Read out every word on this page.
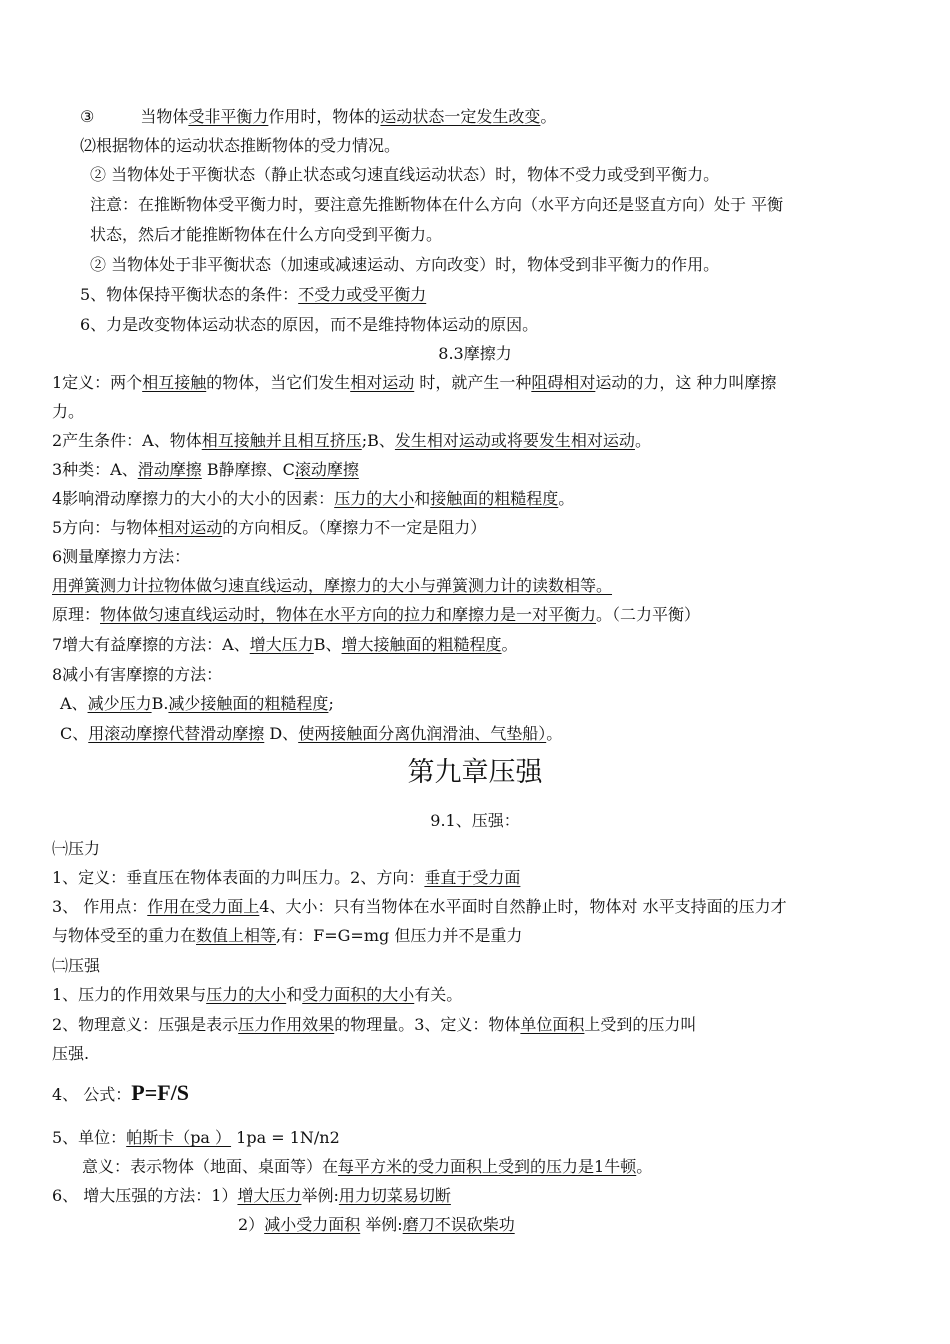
③	当物体受非平衡力作用时，物体的运动状态一定发生改变。
⑵根据物体的运动状态推断物体的受力情况。
② 当物体处于平衡状态（静止状态或匀速直线运动状态）时，物体不受力或受到平衡力。
注意：在推断物体受平衡力时，要注意先推断物体在什么方向（水平方向还是竖直方向）处于 平衡
状态，然后才能推断物体在什么方向受到平衡力。
② 当物体处于非平衡状态（加速或减速运动、方向改变）时，物体受到非平衡力的作用。
5、物体保持平衡状态的条件：不受力或受平衡力
6、力是改变物体运动状态的原因，而不是维持物体运动的原因。
8.3摩擦力
1定义：两个相互接触的物体，当它们发生相对运动 时，就产生一种阻碍相对运动的力，这 种力叫摩擦
力。
2产生条件：A、物体相互接触并且相互挤压;B、发生相对运动或将要发生相对运动。
3种类：A、滑动摩擦 B静摩擦、C滚动摩擦
4影响滑动摩擦力的大小的大小的因素：压力的大小和接触面的粗糙程度。
5方向：与物体相对运动的方向相反。（摩擦力不一定是阻力）
6测量摩擦力方法：
用弹簧测力计拉物体做匀速直线运动，摩擦力的大小与弹簧测力计的读数相等。
原理：物体做匀速直线运动时，物体在水平方向的拉力和摩擦力是一对平衡力。（二力平衡）
7增大有益摩擦的方法：A、增大压力B、增大接触面的粗糙程度。
8减小有害摩擦的方法：
A、减少压力B.减少接触面的粗糙程度;
C、用滚动摩擦代替滑动摩擦 D、使两接触面分离仇润滑油、气垫船）。
第九章压强
9.1、压强：
㈠压力
1、定义：垂直压在物体表面的力叫压力。2、方向：垂直于受力面
3、 作用点：作用在受力面上4、大小：只有当物体在水平面时自然静止时，物体对 水平支持面的压力才
与物体受至的重力在数值上相等,有：F=G=mg 但压力并不是重力
㈡压强
1、压力的作用效果与压力的大小和受力面积的大小有关。
2、物理意义：压强是表示压力作用效果的物理量。3、定义：物体单位面积上受到的压力叫
压强.
4、 公式：P=F/S
5、单位：帕斯卡（pa ） 1pa = 1N/n2
意义：表示物体（地面、桌面等）在每平方米的受力面积上受到的压力是1牛顿。
6、 增大压强的方法：1）增大压力举例:用力切菜易切断
2）减小受力面积 举例:磨刀不误砍柴功
